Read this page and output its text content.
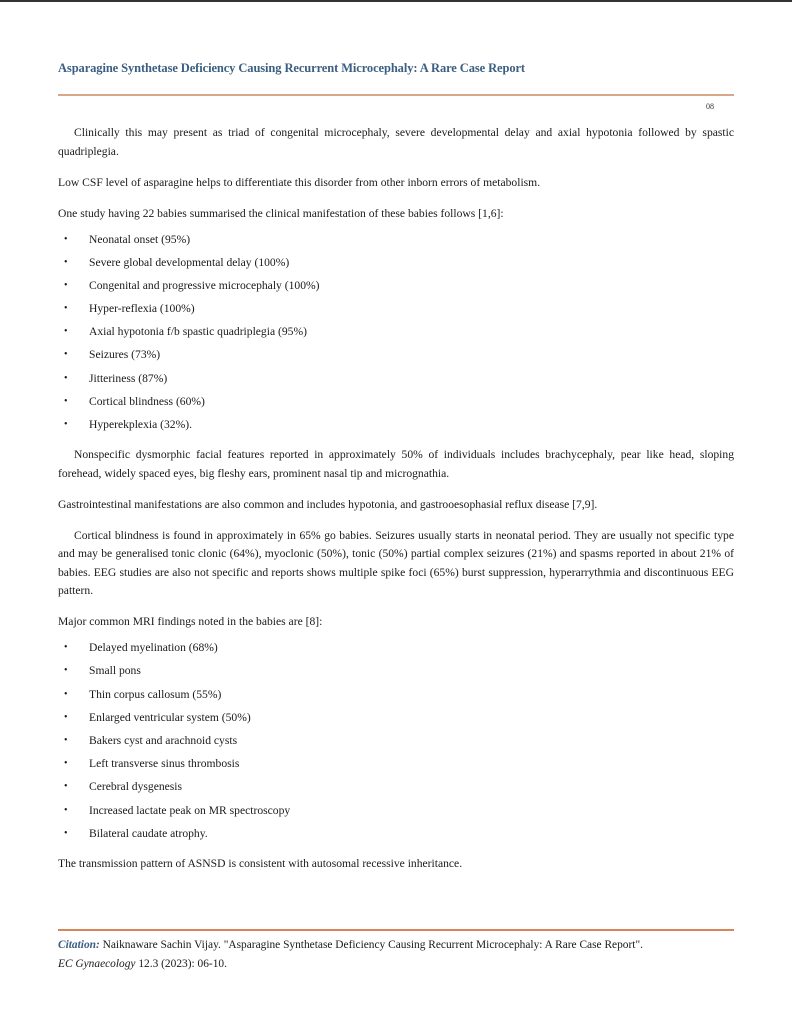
Asparagine Synthetase Deficiency Causing Recurrent Microcephaly: A Rare Case Report
08

Clinically this may present as triad of congenital microcephaly, severe developmental delay and axial hypotonia followed by spastic quadriplegia.

Low CSF level of asparagine helps to differentiate this disorder from other inborn errors of metabolism.

One study having 22 babies summarised the clinical manifestation of these babies follows [1,6]:

• Neonatal onset (95%)
• Severe global developmental delay (100%)
• Congenital and progressive microcephaly (100%)
• Hyper-reflexia (100%)
• Axial hypotonia f/b spastic quadriplegia (95%)
• Seizures (73%)
• Jitteriness (87%)
• Cortical blindness (60%)
• Hyperekplexia (32%).

Nonspecific dysmorphic facial features reported in approximately 50% of individuals includes brachycephaly, pear like head, sloping forehead, widely spaced eyes, big fleshy ears, prominent nasal tip and micrognathia.

Gastrointestinal manifestations are also common and includes hypotonia, and gastrooesophasial reflux disease [7,9].

Cortical blindness is found in approximately in 65% go babies. Seizures usually starts in neonatal period. They are usually not specific type and may be generalised tonic clonic (64%), myoclonic (50%), tonic (50%) partial complex seizures (21%) and spasms reported in about 21% of babies. EEG studies are also not specific and reports shows multiple spike foci (65%) burst suppression, hyperarrythmia and discontinuous EEG pattern.

Major common MRI findings noted in the babies are [8]:

• Delayed myelination (68%)
• Small pons
• Thin corpus callosum (55%)
• Enlarged ventricular system (50%)
• Bakers cyst and arachnoid cysts
• Left transverse sinus thrombosis
• Cerebral dysgenesis
• Increased lactate peak on MR spectroscopy
• Bilateral caudate atrophy.

The transmission pattern of ASNSD is consistent with autosomal recessive inheritance.

Citation: Naiknaware Sachin Vijay. "Asparagine Synthetase Deficiency Causing Recurrent Microcephaly: A Rare Case Report".
EC Gynaecology 12.3 (2023): 06-10.
